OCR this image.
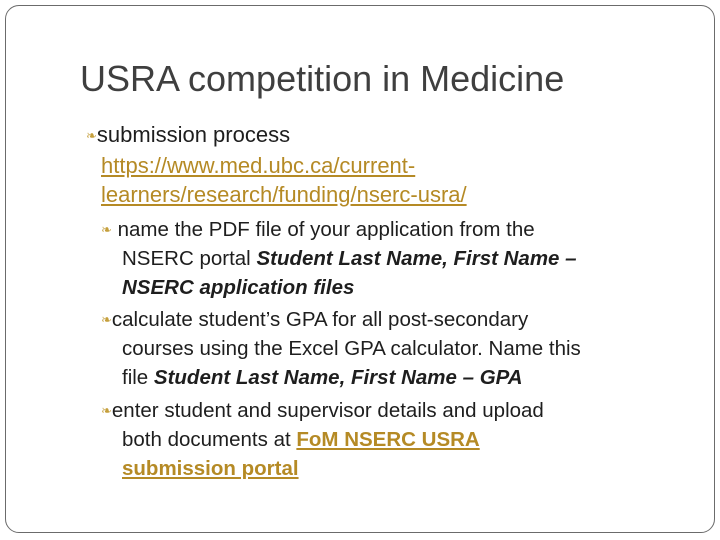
USRA competition in Medicine
❧submission process
https://www.med.ubc.ca/current-
learners/research/funding/nserc-usra/
❧ name the PDF file of your application from the
NSERC portal Student Last Name, First Name –
NSERC application files
❧calculate student’s GPA for all post-secondary
courses using the Excel GPA calculator. Name this
file Student Last Name, First Name – GPA
❧enter student and supervisor details and upload
both documents at FoM NSERC USRA
submission portal
